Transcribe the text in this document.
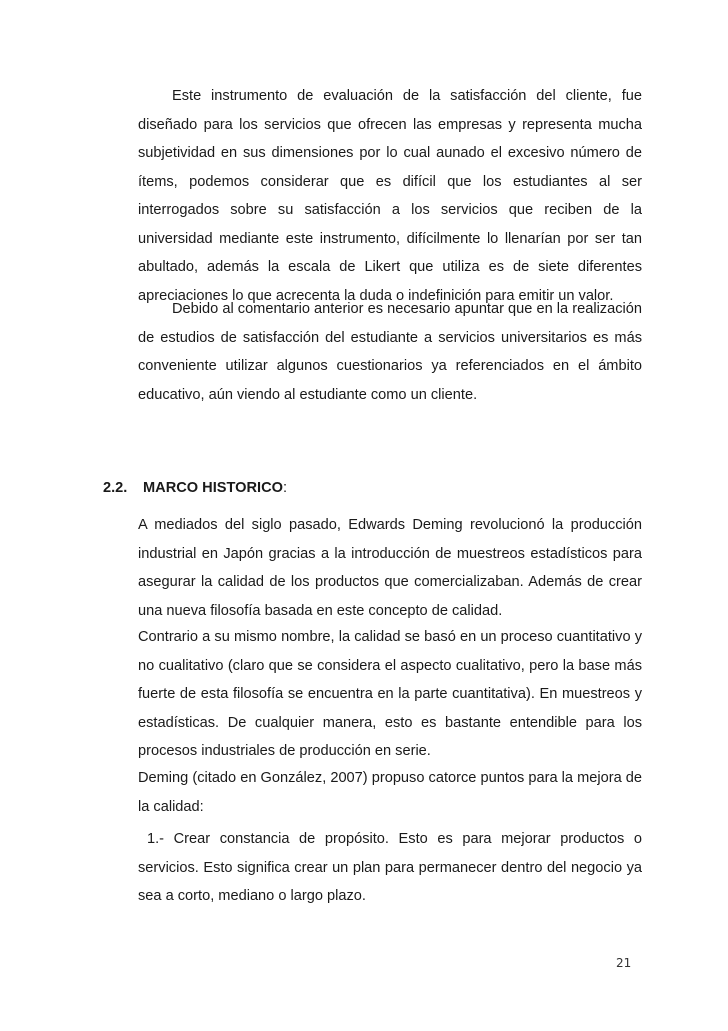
Este instrumento de evaluación de la satisfacción del cliente, fue diseñado para los servicios que ofrecen las empresas y representa mucha subjetividad en sus dimensiones por lo cual aunado el excesivo número de ítems, podemos considerar que es difícil que los estudiantes al ser interrogados sobre su satisfacción a los servicios que reciben de la universidad mediante este instrumento, difícilmente lo llenarían por ser tan abultado, además la escala de Likert que utiliza es de siete diferentes apreciaciones lo que acrecenta la duda o indefinición para emitir un valor.

Debido al comentario anterior es necesario apuntar que en la realización de estudios de satisfacción del estudiante a servicios universitarios es más conveniente utilizar algunos cuestionarios ya referenciados en el ámbito educativo, aún viendo al estudiante como un cliente.

2.2. MARCO HISTORICO:

A mediados del siglo pasado, Edwards Deming revolucionó la producción industrial en Japón gracias a la introducción de muestreos estadísticos para asegurar la calidad de los productos que comercializaban. Además de crear una nueva filosofía basada en este concepto de calidad.

Contrario a su mismo nombre, la calidad se basó en un proceso cuantitativo y no cualitativo (claro que se considera el aspecto cualitativo, pero la base más fuerte de esta filosofía se encuentra en la parte cuantitativa). En muestreos y estadísticas. De cualquier manera, esto es bastante entendible para los procesos industriales de producción en serie.

Deming (citado en González, 2007) propuso catorce puntos para la mejora de la calidad:

1.- Crear constancia de propósito. Esto es para mejorar productos o servicios. Esto significa crear un plan para permanecer dentro del negocio ya sea a corto, mediano o largo plazo.

21
